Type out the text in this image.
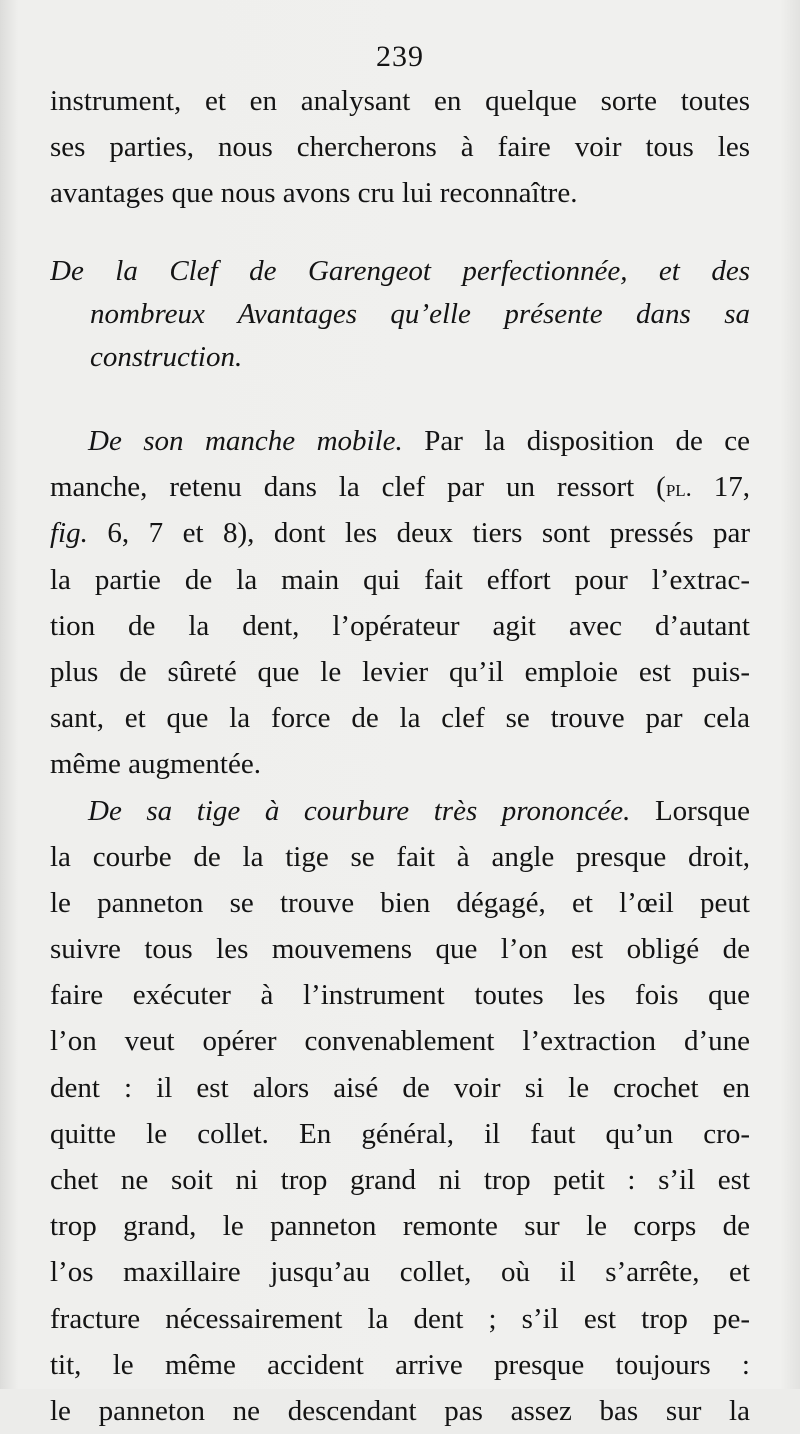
239
instrument, et en analysant en quelque sorte toutes
ses parties, nous chercherons à faire voir tous les
avantages que nous avons cru lui reconnaître.
De la Clef de Garengeot perfectionnée, et des
nombreux Avantages qu’elle présente dans sa
construction.
De son manche mobile. Par la disposition de ce
manche, retenu dans la clef par un ressort (pl. 17,
fig. 6, 7 et 8), dont les deux tiers sont pressés par
la partie de la main qui fait effort pour l’extrac-
tion de la dent, l’opérateur agit avec d’autant
plus de sûreté que le levier qu’il emploie est puis-
sant, et que la force de la clef se trouve par cela
même augmentée.
De sa tige à courbure très prononcée. Lorsque
la courbe de la tige se fait à angle presque droit,
le panneton se trouve bien dégagé, et l’œil peut
suivre tous les mouvemens que l’on est obligé de
faire exécuter à l’instrument toutes les fois que
l’on veut opérer convenablement l’extraction d’une
dent : il est alors aisé de voir si le crochet en
quitte le collet. En général, il faut qu’un cro-
chet ne soit ni trop grand ni trop petit : s’il est
trop grand, le panneton remonte sur le corps de
l’os maxillaire jusqu’au collet, où il s’arrête, et
fracture nécessairement la dent ; s’il est trop pe-
tit, le même accident arrive presque toujours :
le panneton ne descendant pas assez bas sur la
